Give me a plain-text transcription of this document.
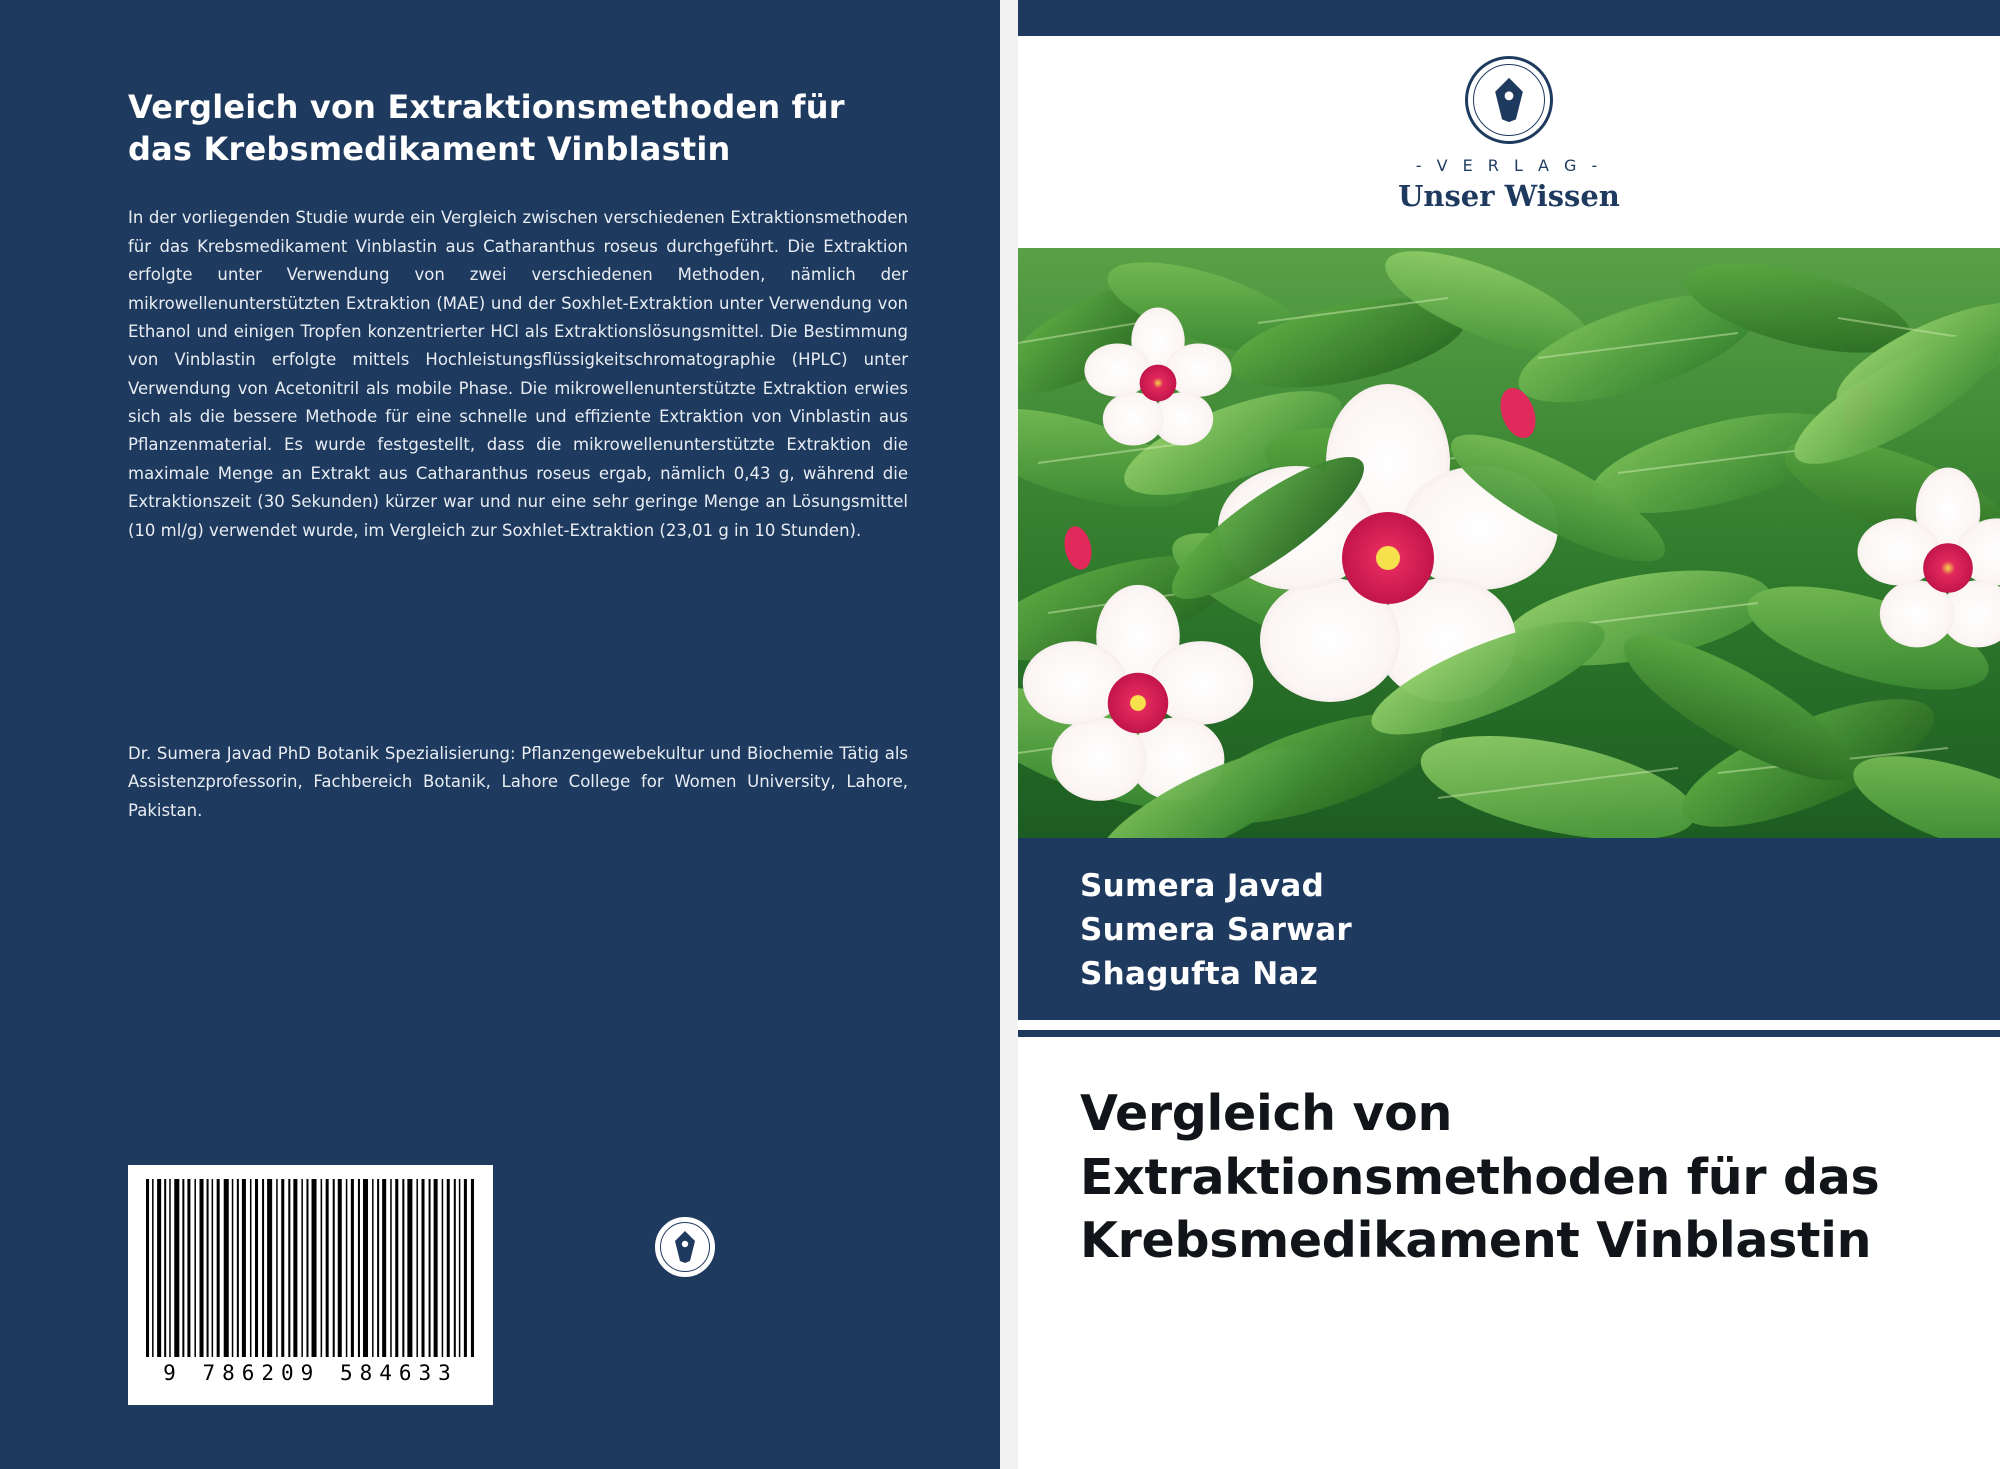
Vergleich von Extraktionsmethoden für das Krebsmedikament Vinblastin

In der vorliegenden Studie wurde ein Vergleich zwischen verschiedenen Extraktionsmethoden für das Krebsmedikament Vinblastin aus Catharanthus roseus durchgeführt. Die Extraktion erfolgte unter Verwendung von zwei verschiedenen Methoden, nämlich der mikrowellenunterstützten Extraktion (MAE) und der Soxhlet-Extraktion unter Verwendung von Ethanol und einigen Tropfen konzentrierter HCl als Extraktionslösungsmittel. Die Bestimmung von Vinblastin erfolgte mittels Hochleistungsflüssigkeitschromatographie (HPLC) unter Verwendung von Acetonitril als mobile Phase. Die mikrowellenunterstützte Extraktion erwies sich als die bessere Methode für eine schnelle und effiziente Extraktion von Vinblastin aus Pflanzenmaterial. Es wurde festgestellt, dass die mikrowellenunterstützte Extraktion die maximale Menge an Extrakt aus Catharanthus roseus ergab, nämlich 0,43 g, während die Extraktionszeit (30 Sekunden) kürzer war und nur eine sehr geringe Menge an Lösungsmittel (10 ml/g) verwendet wurde, im Vergleich zur Soxhlet-Extraktion (23,01 g in 10 Stunden).

Dr. Sumera Javad PhD Botanik Spezialisierung: Pflanzengewebekultur und Biochemie Tätig als Assistenzprofessorin, Fachbereich Botanik, Lahore College for Women University, Lahore, Pakistan.
9 786209 584633
- V E R L A G -
Unser Wissen
- V E R L A G -
Unser Wissen
Sumera Javad
Sumera Sarwar
Shagufta Naz
Vergleich von Extraktionsmethoden für das Krebsmedikament Vinblastin
